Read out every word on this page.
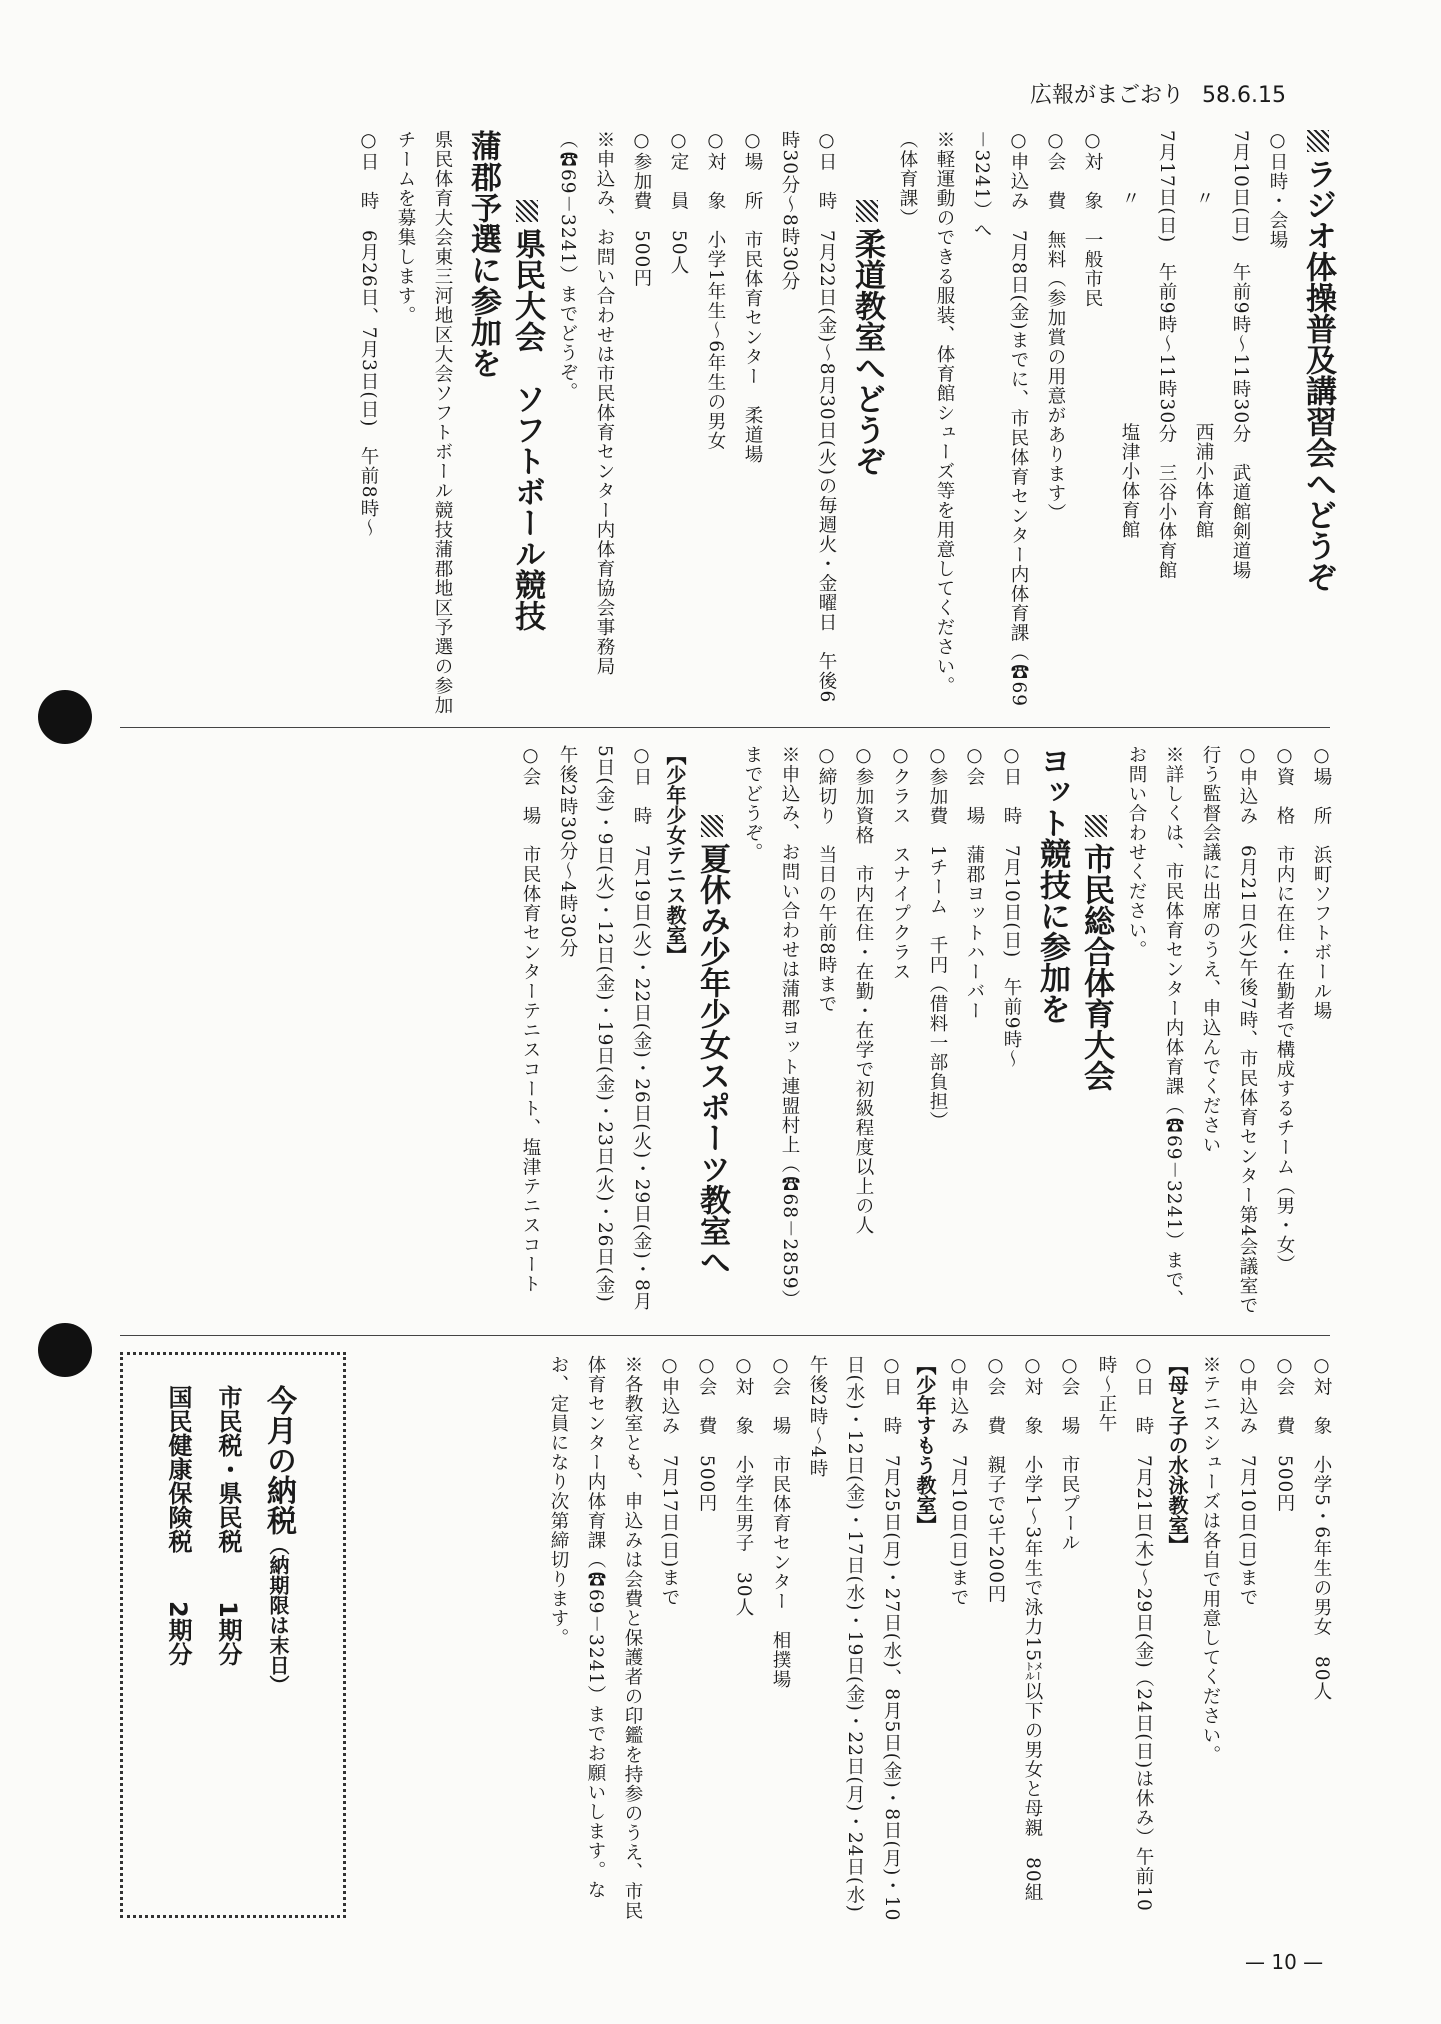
広報がまごおり 58.6.15
ラジオ体操普及講習会へどうぞ

○日時・会場

7月10日(日)　午前9時～11時30分　武道館剣道場

　　　〃　　　　　　　　　　　西浦小体育館

7月17日(日)　午前9時～11時30分　三谷小体育館

　　　〃　　　　　　　　　　　塩津小体育館

○対　象　一般市民

○会　費　無料（参加賞の用意があります）

○申込み　7月8日(金)までに、市民体育センター内体育課（☎69－3241）へ

※軽運動のできる服装、体育館シューズ等を用意してください。（体育課）

柔道教室へどうぞ

○日　時　7月22日(金)～8月30日(火)の毎週火・金曜日　午後6時30分～8時30分

○場　所　市民体育センター　柔道場

○対　象　小学1年生～6年生の男女

○定　員　50人

○参加費　500円

※申込み、お問い合わせは市民体育センター内体育協会事務局（☎69－3241）までどうぞ。

県民大会　ソフトボール競技
蒲郡予選に参加を

県民体育大会東三河地区大会ソフトボール競技蒲郡地区予選の参加チームを募集します。

○日　時　6月26日、7月3日(日)　午前8時～

○場　所　浜町ソフトボール場

○資　格　市内に在住・在勤者で構成するチーム（男・女）

○申込み　6月21日(火)午後7時、市民体育センター第4会議室で行う監督会議に出席のうえ、申込んでください

※詳しくは、市民体育センター内体育課（☎69－3241）まで、お問い合わせください。

市民総合体育大会
ヨット競技に参加を

○日　時　7月10日(日)　午前9時～

○会　場　蒲郡ヨットハーバー

○参加費　1チーム　千円（借料一部負担）

○クラス　スナイプクラス

○参加資格　市内在住・在勤・在学で初級程度以上の人

○締切り　当日の午前8時まで

※申込み、お問い合わせは蒲郡ヨット連盟村上（☎68－2859）までどうぞ。

夏休み少年少女スポーツ教室へ
【少年少女テニス教室】

○日　時　7月19日(火)・22日(金)・26日(火)・29日(金)・8月5日(金)・9日(火)・12日(金)・19日(金)・23日(火)・26日(金)　午後2時30分～4時30分

○会　場　市民体育センターテニスコート、塩津テニスコート

○対　象　小学5・6年生の男女　80人

○会　費　500円

○申込み　7月10日(日)まで

※テニスシューズは各自で用意してください。

【母と子の水泳教室】

○日　時　7月21日(木)～29日(金)（24日(日)は休み）午前10時～正午

○会　場　市民プール

○対　象　小学1～3年生で泳力15㍍以下の男女と母親　80組

○会　費　親子で3千200円

○申込み　7月10日(日)まで

【少年すもう教室】

○日　時　7月25日(月)・27日(水)、8月5日(金)・8日(月)・10日(水)・12日(金)・17日(水)・19日(金)・22日(月)・24日(水)　午後2時～4時

○会　場　市民体育センター　相撲場

○対　象　小学生男子　30人

○会　費　500円

○申込み　7月17日(日)まで

※各教室とも、申込みは会費と保護者の印鑑を持参のうえ、市民体育センター内体育課（☎69－3241）までお願いします。なお、定員になり次第締切ります。

今月の納税（納期限は末日）
市民税・県民税　　1期分
国民健康保険税　　2期分
— 10 —
